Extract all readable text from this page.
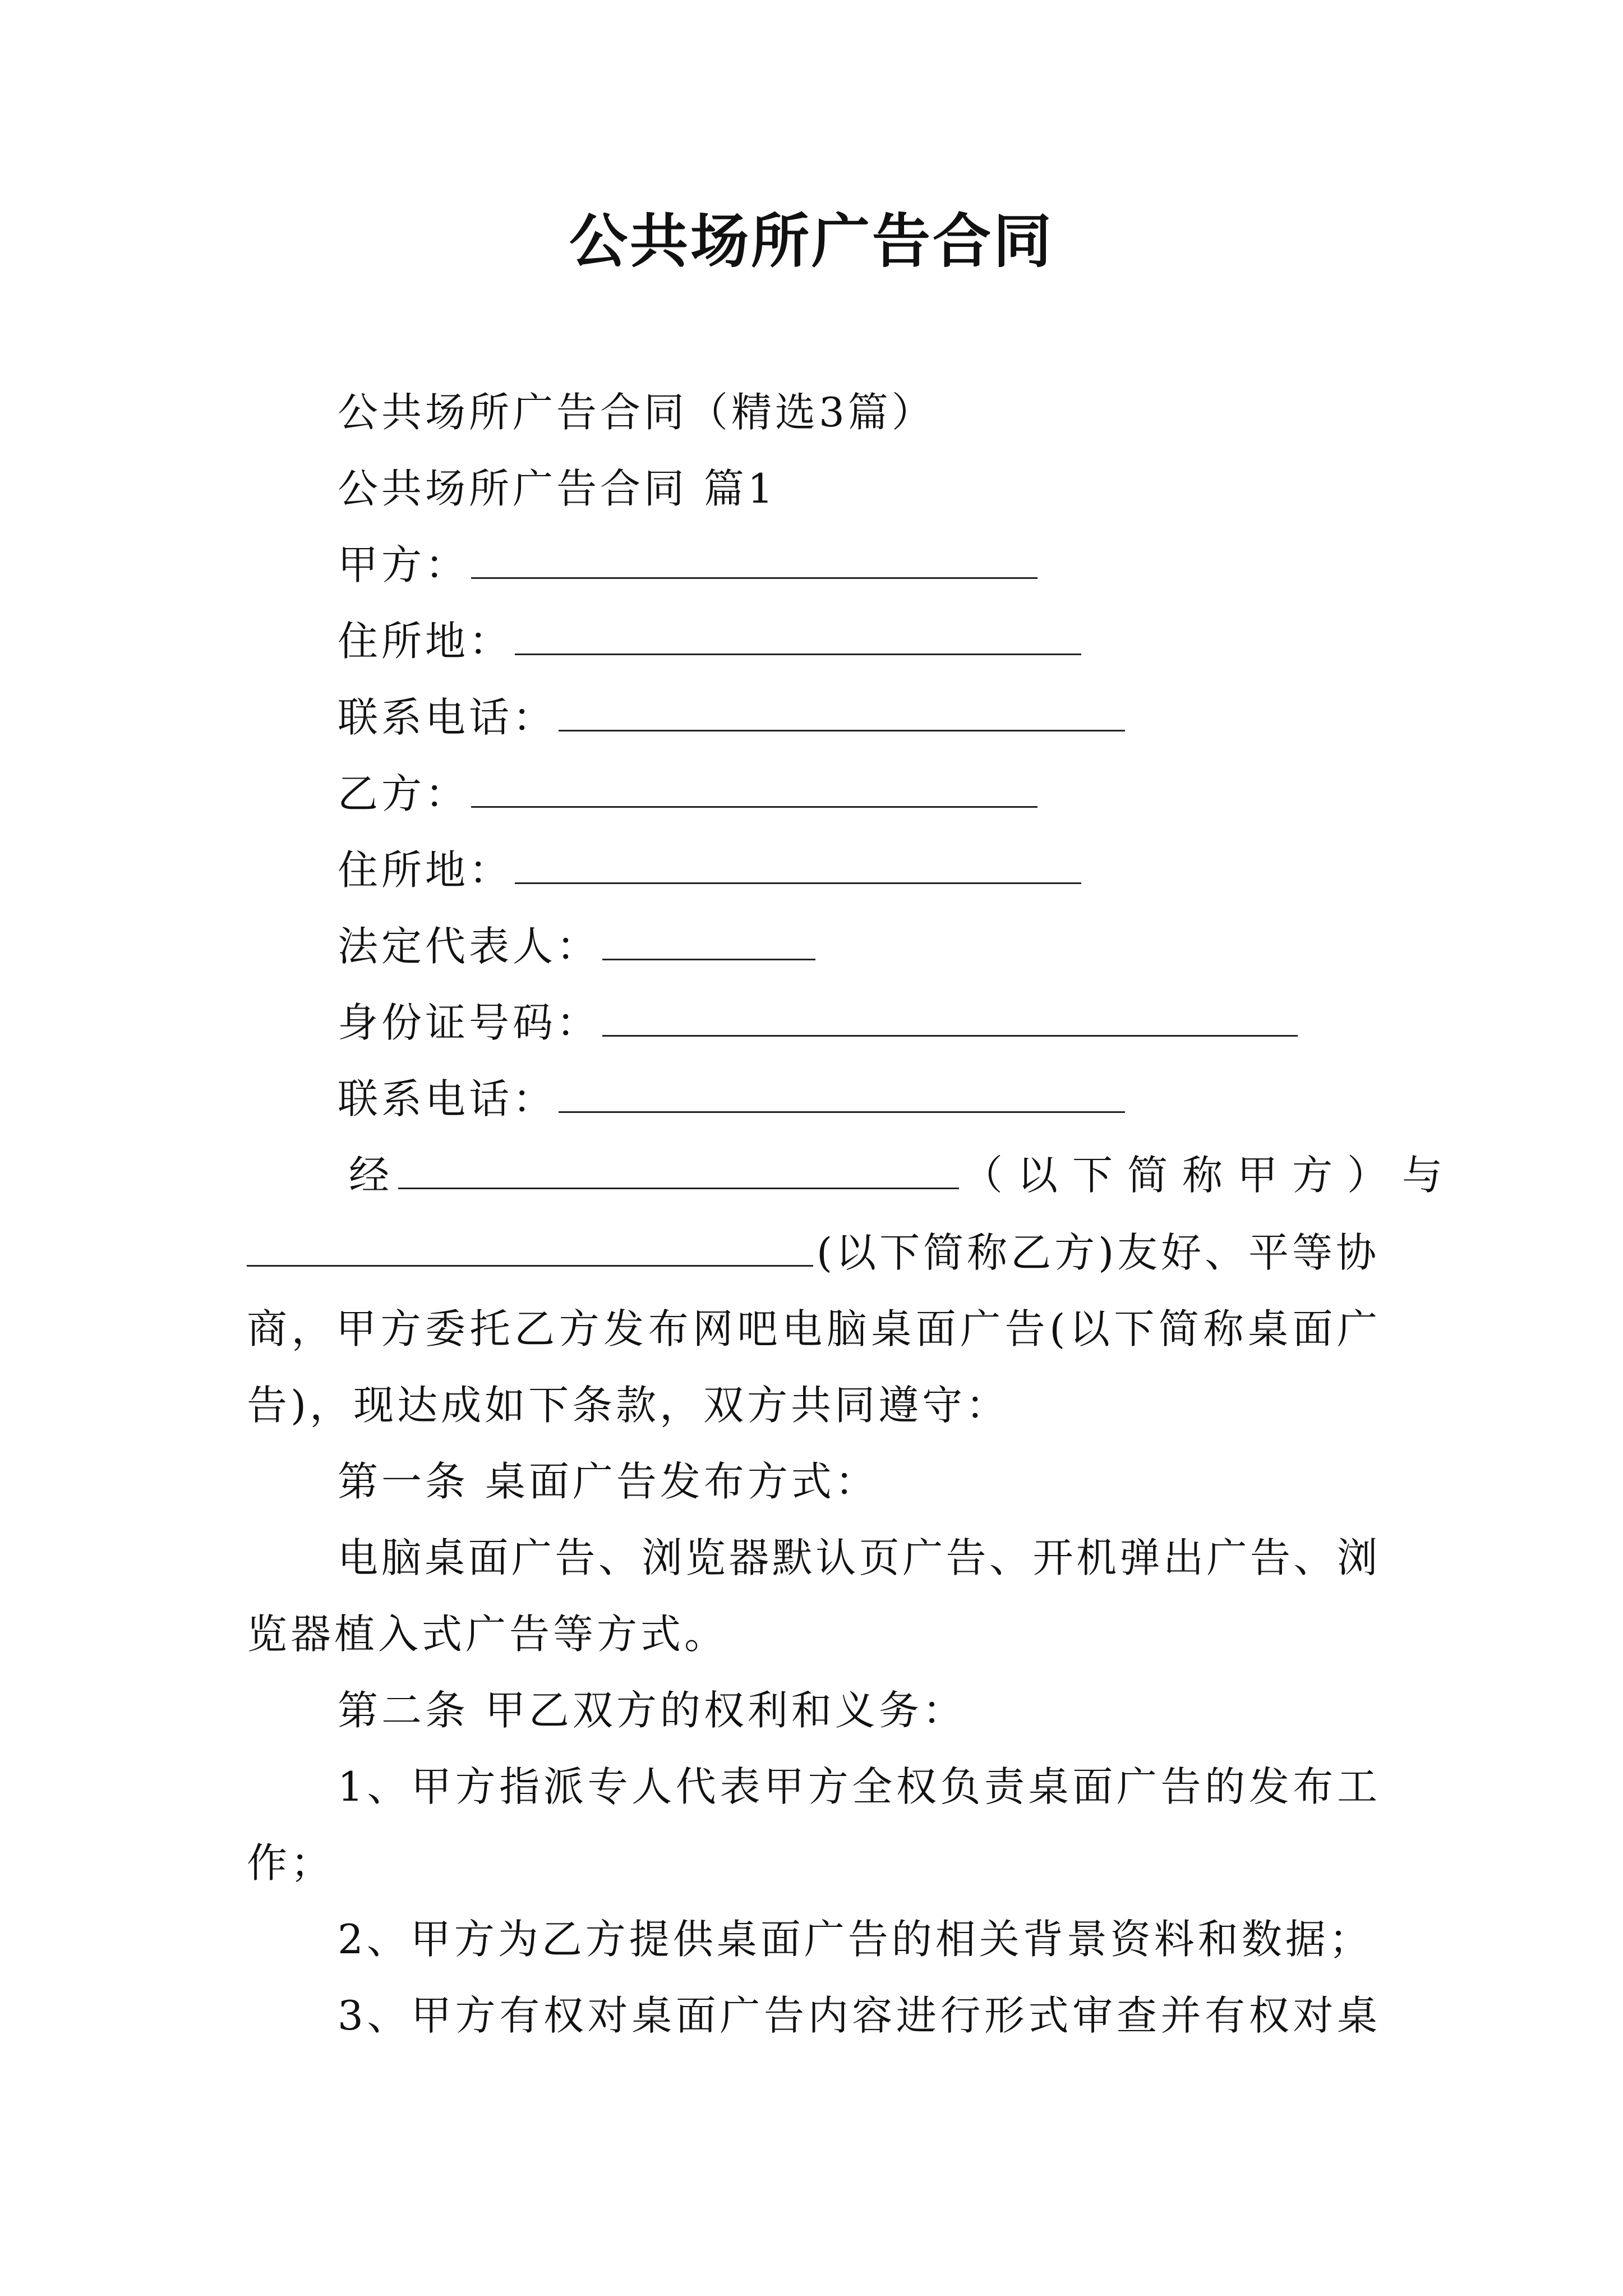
公共场所广告合同
公共场所广告合同（精选3篇）
公共场所广告合同 篇1
甲方：
住所地：
联系电话：
乙方：
住所地：
法定代表人：
身份证号码：
联系电话：
经	（以下简称甲方）与
(以下简称乙方)友好、平等协
商，甲方委托乙方发布网吧电脑桌面广告(以下简称桌面广
告)，现达成如下条款，双方共同遵守：
第一条 桌面广告发布方式：
电脑桌面广告、浏览器默认页广告、开机弹出广告、浏
览器植入式广告等方式。
第二条 甲乙双方的权利和义务：
1、甲方指派专人代表甲方全权负责桌面广告的发布工
作；
2、甲方为乙方提供桌面广告的相关背景资料和数据；
3、甲方有权对桌面广告内容进行形式审查并有权对桌
